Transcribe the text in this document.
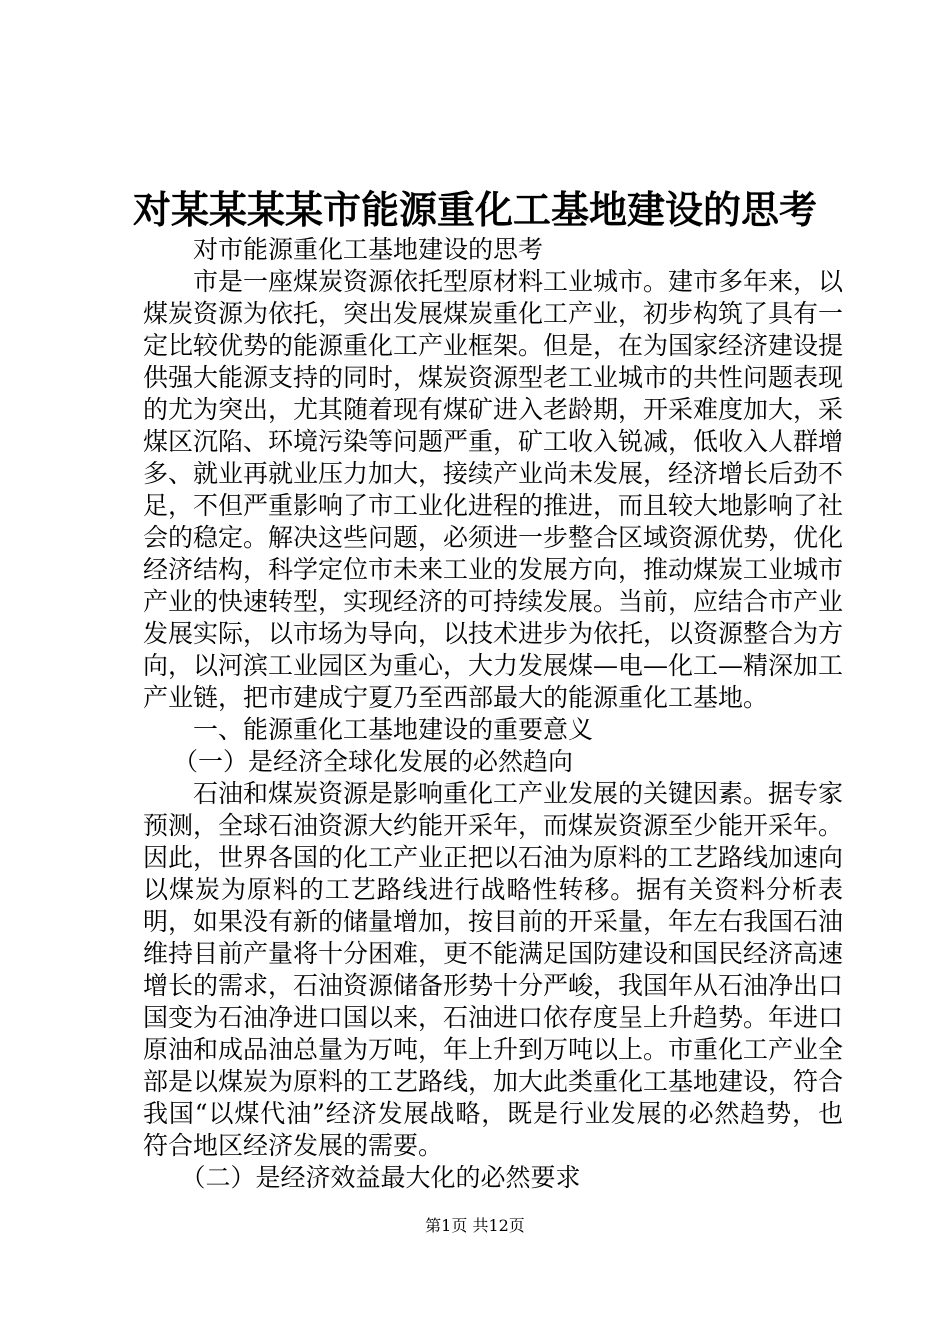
对某某某某市能源重化工基地建设的思考

对市能源重化工基地建设的思考

市是一座煤炭资源依托型原材料工业城市。建市多年来，以煤炭资源为依托，突出发展煤炭重化工产业，初步构筑了具有一定比较优势的能源重化工产业框架。但是，在为国家经济建设提供强大能源支持的同时，煤炭资源型老工业城市的共性问题表现的尤为突出，尤其随着现有煤矿进入老龄期，开采难度加大，采煤区沉陷、环境污染等问题严重，矿工收入锐减，低收入人群增多、就业再就业压力加大，接续产业尚未发展，经济增长后劲不足，不但严重影响了市工业化进程的推进，而且较大地影响了社会的稳定。解决这些问题，必须进一步整合区域资源优势，优化经济结构，科学定位市未来工业的发展方向，推动煤炭工业城市产业的快速转型，实现经济的可持续发展。当前，应结合市产业发展实际，以市场为导向，以技术进步为依托，以资源整合为方向，以河滨工业园区为重心，大力发展煤—电—化工—精深加工产业链，把市建成宁夏乃至西部最大的能源重化工基地。

一、能源重化工基地建设的重要意义

（一）是经济全球化发展的必然趋向

石油和煤炭资源是影响重化工产业发展的关键因素。据专家预测，全球石油资源大约能开采年，而煤炭资源至少能开采年。因此，世界各国的化工产业正把以石油为原料的工艺路线加速向以煤炭为原料的工艺路线进行战略性转移。据有关资料分析表明，如果没有新的储量增加，按目前的开采量，年左右我国石油维持目前产量将十分困难，更不能满足国防建设和国民经济高速增长的需求，石油资源储备形势十分严峻，我国年从石油净出口国变为石油净进口国以来，石油进口依存度呈上升趋势。年进口原油和成品油总量为万吨，年上升到万吨以上。市重化工产业全部是以煤炭为原料的工艺路线，加大此类重化工基地建设，符合我国“以煤代油”经济发展战略，既是行业发展的必然趋势，也符合地区经济发展的需要。

（二）是经济效益最大化的必然要求

第1页 共12页
